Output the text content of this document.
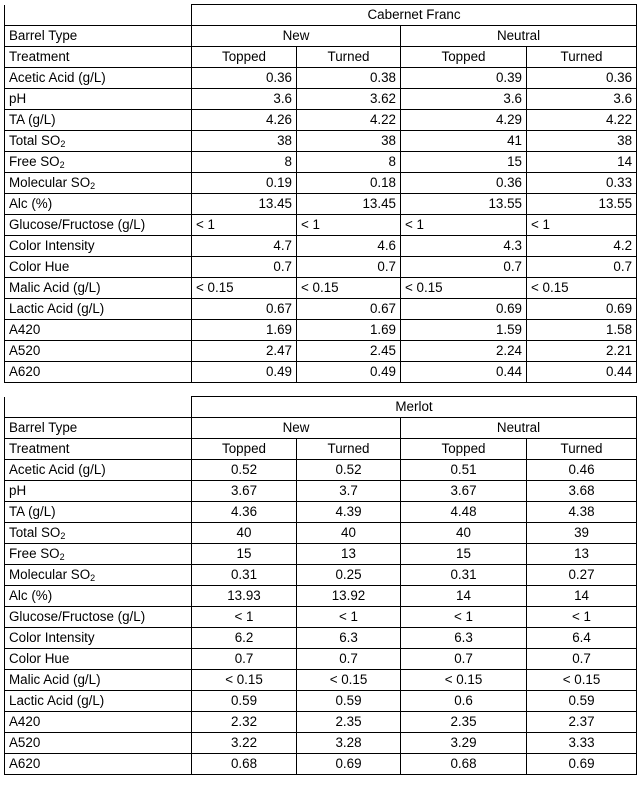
	Cabernet Franc			
Barrel Type	New		Neutral	
Treatment	Topped	Turned	Topped	Turned
Acetic Acid (g/L)	0.36	0.38	0.39	0.36
pH	3.6	3.62	3.6	3.6
TA (g/L)	4.26	4.22	4.29	4.22
Total $SO_2$	38	38	41	38
Free $SO_2$	8	8	15	14
Molecular $SO_2$	0.19	0.18	0.36	0.33
Alc (%)	13.45	13.45	13.55	13.55
Glucose/Fructose (g/L)	< 1	< 1	< 1	< 1
Color Intensity	4.7	4.6	4.3	4.2
Color Hue	0.7	0.7	0.7	0.7
Malic Acid (g/L)	< 0.15	< 0.15	< 0.15	< 0.15
Lactic Acid (g/L)	0.67	0.67	0.69	0.69
A420	1.69	1.69	1.59	1.58
A520	2.47	2.45	2.24	2.21
A620	0.49	0.49	0.44	0.44
	Merlot			
Barrel Type	New		Neutral	
Treatment	Topped	Turned	Topped	Turned
Acetic Acid (g/L)	0.52	0.52	0.51	0.46
pH	3.67	3.7	3.67	3.68
TA (g/L)	4.36	4.39	4.48	4.38
Total $SO_2$	40	40	40	39
Free $SO_2$	15	13	15	13
Molecular $SO_2$	0.31	0.25	0.31	0.27
Alc (%)	13.93	13.92	14	14
Glucose/Fructose (g/L)	< 1	< 1	< 1	< 1
Color Intensity	6.2	6.3	6.3	6.4
Color Hue	0.7	0.7	0.7	0.7
Malic Acid (g/L)	< 0.15	< 0.15	< 0.15	< 0.15
Lactic Acid (g/L)	0.59	0.59	0.6	0.59
A420	2.32	2.35	2.35	2.37
A520	3.22	3.28	3.29	3.33
A620	0.68	0.69	0.68	0.69
